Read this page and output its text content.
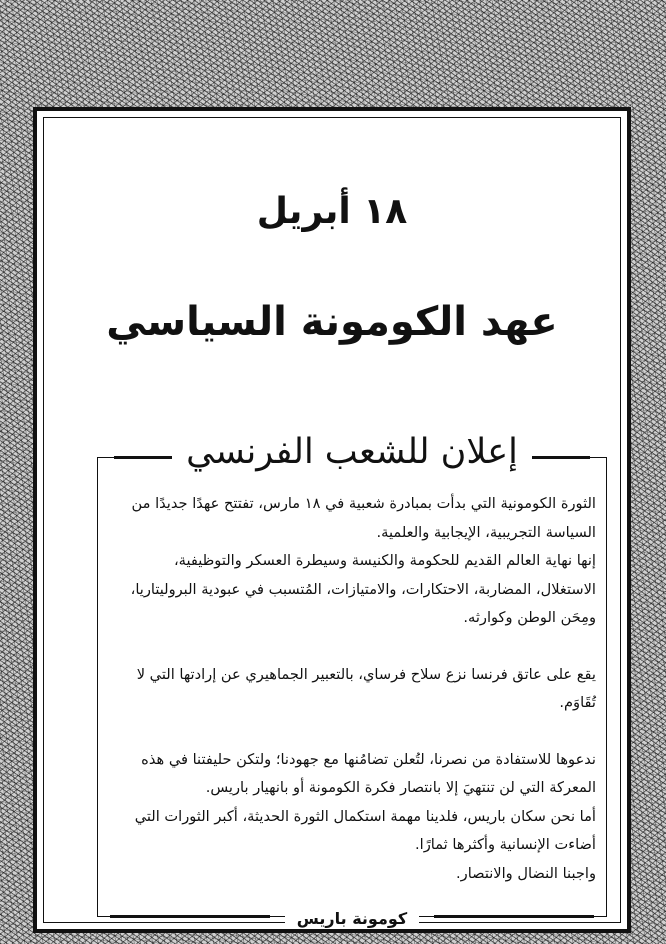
١٨ أبريل
عهد الكومونة السياسي
إعلان للشعب الفرنسي

الثورة الكومونية التي بدأت بمبادرة شعبية في ١٨ مارس، تفتتح عهدًا جديدًا من السياسة التجريبية، الإيجابية والعلمية.

إنها نهاية العالم القديم للحكومة والكنيسة وسيطرة العسكر والتوظيفية، الاستغلال، المضاربة، الاحتكارات، والامتيازات، المُتسبب في عبودية البروليتاريا، ومِحَن الوطن وكوارثه.

يقع على عاتق فرنسا نزع سلاح فرساي، بالتعبير الجماهيري عن إرادتها التي لا تُقَاوَم.

ندعوها للاستفادة من نصرنا، لتُعلن تضامُنها مع جهودنا؛ ولتكن حليفتنا في هذه المعركة التي لن تنتهيَ إلا بانتصار فكرة الكومونة أو بانهيار باريس.

أما نحن سكان باريس، فلدينا مهمة استكمال الثورة الحديثة، أكبر الثورات التي أضاءت الإنسانية وأكثرها ثمارًا.

واجبنا النضال والانتصار.

كومونة باريس
